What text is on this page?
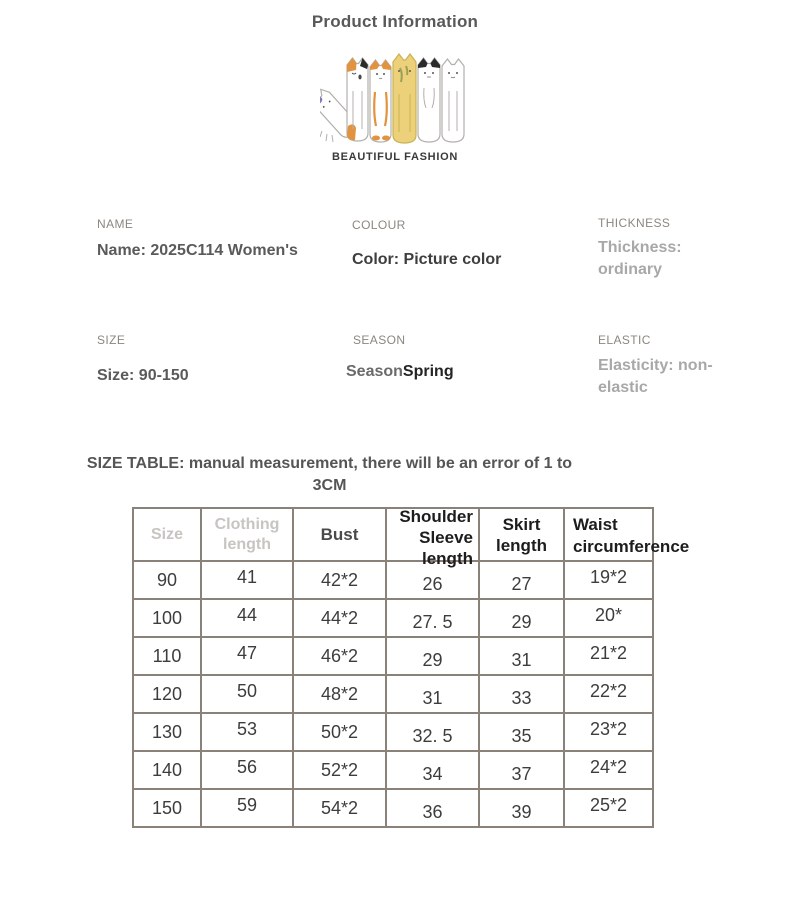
Product Information
BEAUTIFUL FASHION
NAME
Name: 2025C114 Women's
COLOUR
Color: Picture color
THICKNESS
Thickness: ordinary
SIZE
Size: 90-150
SEASON
SeasonSpring
ELASTIC
Elasticity: non-elastic
SIZE TABLE: manual measurement, there will be an error of 1 to
3CM
Size	Clothing length	Bust	Shoulder Sleeve length	Skirt length	Waist circumference

90	41	42*2	26	27	19*2
100	44	44*2	27. 5	29	20*
110	47	46*2	29	31	21*2
120	50	48*2	31	33	22*2
130	53	50*2	32. 5	35	23*2
140	56	52*2	34	37	24*2
150	59	54*2	36	39	25*2
